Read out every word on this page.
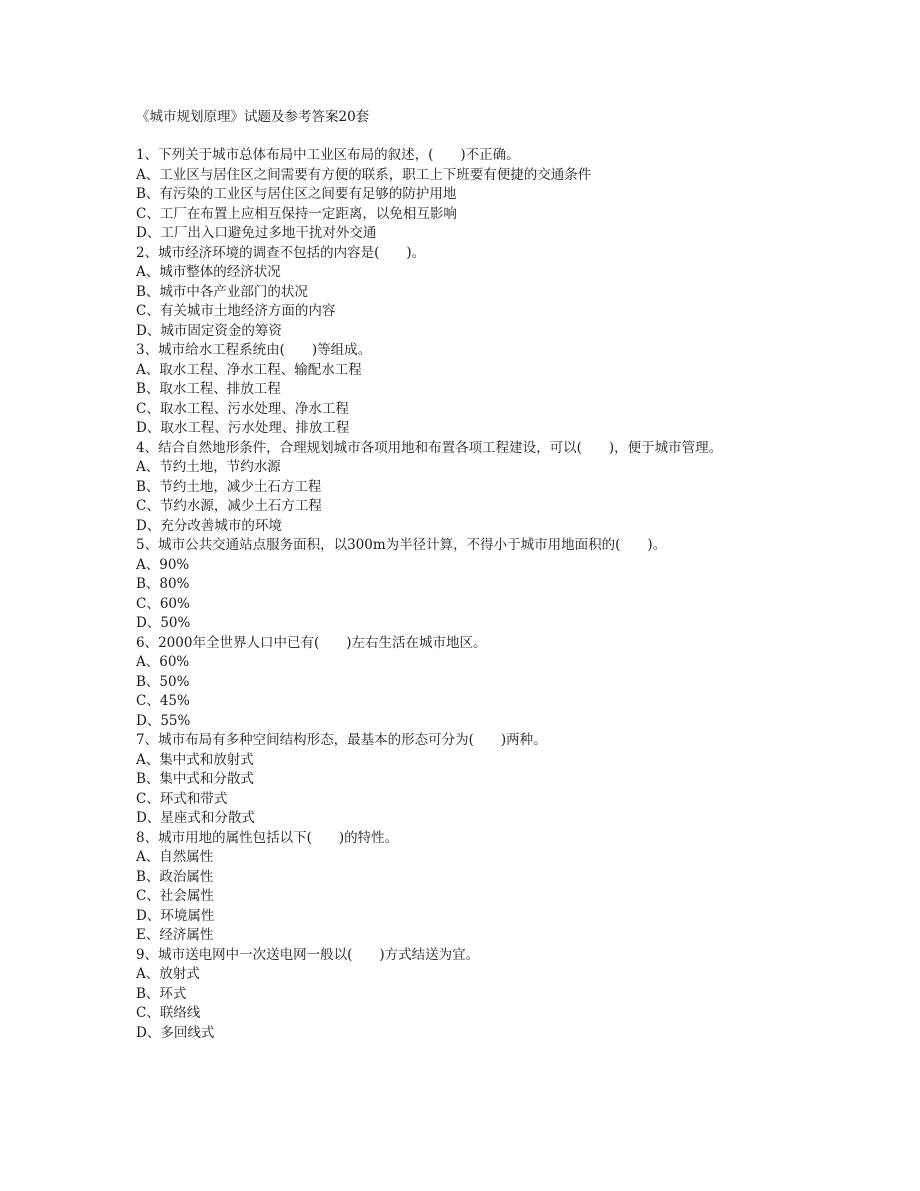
《城市规划原理》试题及参考答案20套
1、下列关于城市总体布局中工业区布局的叙述，(　　)不正确。
A、工业区与居住区之间需要有方便的联系，职工上下班要有便捷的交通条件
B、有污染的工业区与居住区之间要有足够的防护用地
C、工厂在布置上应相互保持一定距离，以免相互影响
D、工厂出入口避免过多地干扰对外交通
2、城市经济环境的调查不包括的内容是(　　)。
A、城市整体的经济状况
B、城市中各产业部门的状况
C、有关城市土地经济方面的内容
D、城市固定资金的筹资
3、城市给水工程系统由(　　)等组成。
A、取水工程、净水工程、输配水工程
B、取水工程、排放工程
C、取水工程、污水处理、净水工程
D、取水工程、污水处理、排放工程
4、结合自然地形条件，合理规划城市各项用地和布置各项工程建设，可以(　　)，便于城市管理。
A、节约土地，节约水源
B、节约土地，减少土石方工程
C、节约水源，减少土石方工程
D、充分改善城市的环境
5、城市公共交通站点服务面积，以300m为半径计算，不得小于城市用地面积的(　　)。
A、90%
B、80%
C、60%
D、50%
6、2000年全世界人口中已有(　　)左右生活在城市地区。
A、60%
B、50%
C、45%
D、55%
7、城市布局有多种空间结构形态，最基本的形态可分为(　　)两种。
A、集中式和放射式
B、集中式和分散式
C、环式和带式
D、星座式和分散式
8、城市用地的属性包括以下(　　)的特性。
A、自然属性
B、政治属性
C、社会属性
D、环境属性
E、经济属性
9、城市送电网中一次送电网一般以(　　)方式结送为宜。
A、放射式
B、环式
C、联络线
D、多回线式
